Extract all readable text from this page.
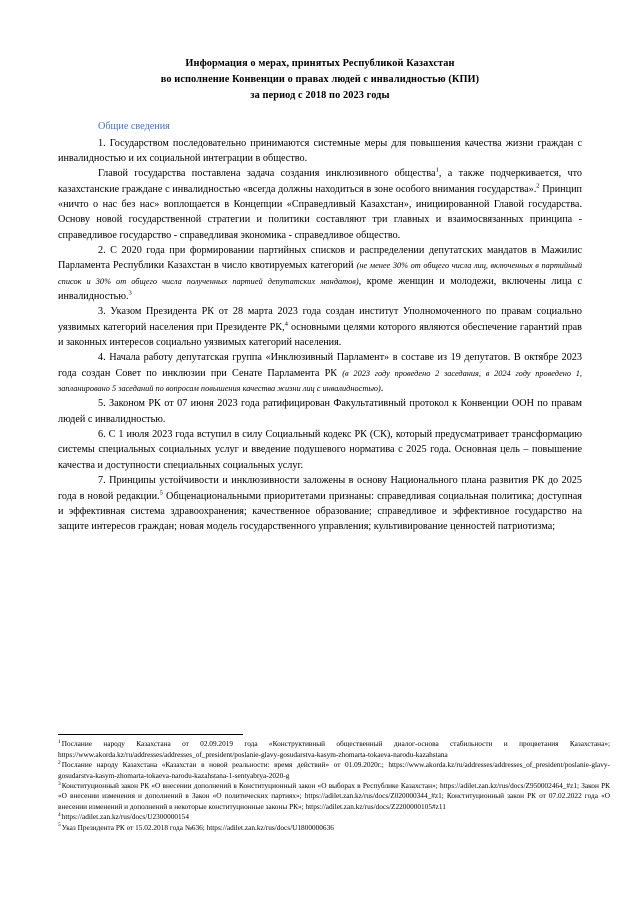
Информация о мерах, принятых Республикой Казахстан
во исполнение Конвенции о правах людей с инвалидностью (КПИ)
за период с 2018 по 2023 годы

Общие сведения

1. Государством последовательно принимаются системные меры для повышения качества жизни граждан с инвалидностью и их социальной интеграции в общество.

Главой государства поставлена задача создания инклюзивного общества$^1$, а также подчеркивается, что казахстанские граждане с инвалидностью «всегда должны находиться в зоне особого внимания государства».$^2$ Принцип «ничто о нас без нас» воплощается в Концепции «Справедливый Казахстан», инициированной Главой государства. Основу новой государственной стратегии и политики составляют три главных и взаимосвязанных принципа - справедливое государство - справедливая экономика - справедливое общество.

2. С 2020 года при формировании партийных списков и распределении депутатских мандатов в Мажилис Парламента Республики Казахстан в число квотируемых категорий (не менее 30% от общего числа лиц, включенных в партийный список и 30% от общего числа полученных партией депутатских мандатов), кроме женщин и молодежи, включены лица с инвалидностью.$^3$

3. Указом Президента РК от 28 марта 2023 года создан институт Уполномоченного по правам социально уязвимых категорий населения при Президенте РК,$^4$ основными целями которого являются обеспечение гарантий прав и законных интересов социально уязвимых категорий населения.

4. Начала работу депутатская группа «Инклюзивный Парламент» в составе из 19 депутатов. В октябре 2023 года создан Совет по инклюзии при Сенате Парламента РК (в 2023 году проведено 2 заседания, в 2024 году проведено 1, запланировано 5 заседаний по вопросам повышения качества жизни лиц с инвалидностью).

5. Законом РК от 07 июня 2023 года ратифицирован Факультативный протокол к Конвенции ООН по правам людей с инвалидностью.

6. С 1 июля 2023 года вступил в силу Социальный кодекс РК (СК), который предусматривает трансформацию системы специальных социальных услуг и введение подушевого норматива с 2025 года. Основная цель – повышение качества и доступности специальных социальных услуг.

7. Принципы устойчивости и инклюзивности заложены в основу Национального плана развития РК до 2025 года в новой редакции.$^5$ Общенациональными приоритетами признаны: справедливая социальная политика; доступная и эффективная система здравоохранения; качественное образование; справедливое и эффективное государство на защите интересов граждан; новая модель государственного управления; культивирование ценностей патриотизма;

$^1$Послание народу Казахстана от 02.09.2019 года «Конструктивный общественный диалог-основа стабильности и процветания Казахстана»; https://www.akorda.kz/ru/addresses/addresses_of_president/poslanie-glavy-gosudarstva-kasym-zhomarta-tokaeva-narodu-kazahstana

$^2$Послание народу Казахстана «Казахстан в новой реальности: время действий» от 01.09.2020г.; https://www.akorda.kz/ru/addresses/addresses_of_president/poslanie-glavy-gosudarstva-kasym-zhomarta-tokaeva-narodu-kazahstana-1-sentyabrya-2020-g

$^3$Конституционный закон РК «О внесении дополнений в Конституционный закон «О выборах в Республике Казахстан»; https://adilet.zan.kz/rus/docs/Z950002464_#z1; Закон РК «О внесении изменения и дополнений в Закон «О политических партиях»; https://adilet.zan.kz/rus/docs/Z020000344_#z1; Конституционный закон РК от 07.02.2022 года «О внесении изменений и дополнений в некоторые конституционные законы РК»; https://adilet.zan.kz/rus/docs/Z2200000105#z11

$^4$https://adilet.zan.kz/rus/docs/U2300000154

$^5$Указ Президента РК от 15.02.2018 года №636; https://adilet.zan.kz/rus/docs/U1800000636
